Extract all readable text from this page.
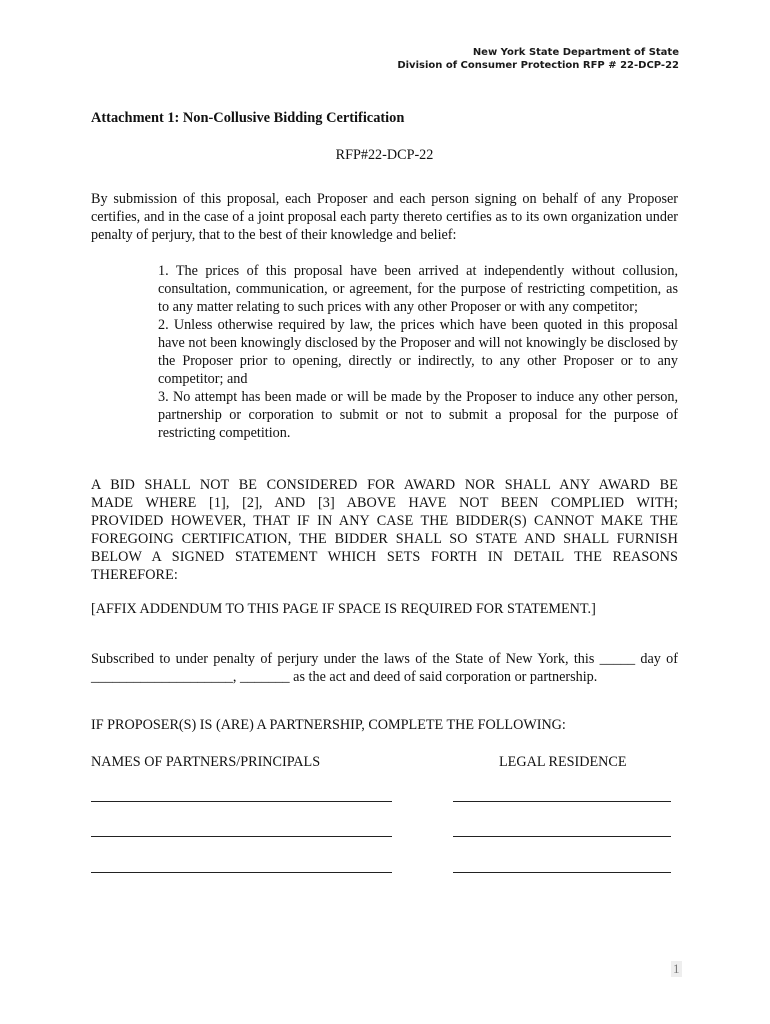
New York State Department of State
Division of Consumer Protection RFP # 22-DCP-22
Attachment 1: Non-Collusive Bidding Certification
RFP#22-DCP-22

By submission of this proposal, each Proposer and each person signing on behalf of any Proposer certifies, and in the case of a joint proposal each party thereto certifies as to its own organization under penalty of perjury, that to the best of their knowledge and belief:

1. The prices of this proposal have been arrived at independently without collusion, consultation, communication, or agreement, for the purpose of restricting competition, as to any matter relating to such prices with any other Proposer or with any competitor;

2. Unless otherwise required by law, the prices which have been quoted in this proposal have not been knowingly disclosed by the Proposer and will not knowingly be disclosed by the Proposer prior to opening, directly or indirectly, to any other Proposer or to any competitor; and

3. No attempt has been made or will be made by the Proposer to induce any other person, partnership or corporation to submit or not to submit a proposal for the purpose of restricting competition.

A BID SHALL NOT BE CONSIDERED FOR AWARD NOR SHALL ANY AWARD BE
MADE WHERE [1], [2], AND [3] ABOVE HAVE NOT BEEN COMPLIED WITH;
PROVIDED HOWEVER, THAT IF IN ANY CASE THE BIDDER(S) CANNOT MAKE THE
FOREGOING CERTIFICATION, THE BIDDER SHALL SO STATE AND SHALL FURNISH
BELOW A SIGNED STATEMENT WHICH SETS FORTH IN DETAIL THE REASONS
THEREFORE:
[AFFIX ADDENDUM TO THIS PAGE IF SPACE IS REQUIRED FOR STATEMENT.]

Subscribed to under penalty of perjury under the laws of the State of New York, this _____ day of ____________________, _______ as the act and deed of said corporation or partnership.

IF PROPOSER(S) IS (ARE) A PARTNERSHIP, COMPLETE THE FOLLOWING:
NAMES OF PARTNERS/PRINCIPALS	LEGAL RESIDENCE
1
